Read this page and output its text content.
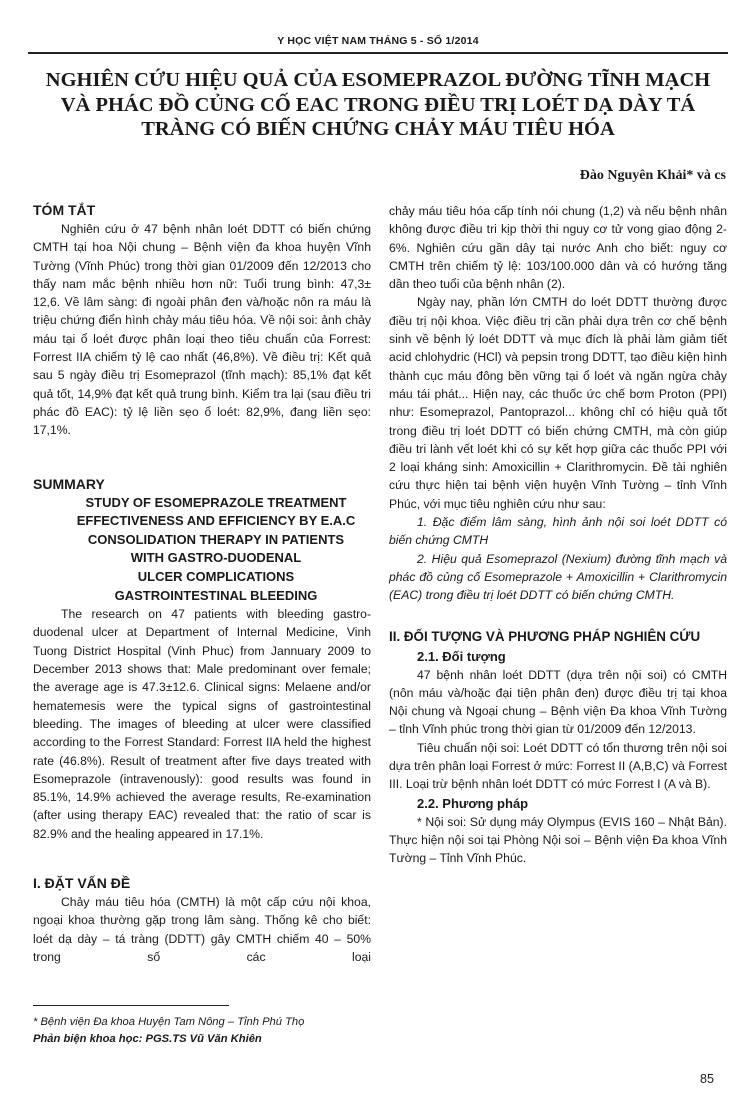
Y HỌC VIỆT NAM THÁNG 5 - SỐ 1/2014
NGHIÊN CỨU HIỆU QUẢ CỦA ESOMEPRAZOL ĐƯỜNG TĨNH MẠCH VÀ PHÁC ĐỒ CỦNG CỐ EAC TRONG ĐIỀU TRỊ LOÉT DẠ DÀY TÁ TRÀNG CÓ BIẾN CHỨNG CHẢY MÁU TIÊU HÓA
Đào Nguyên Khải* và cs
TÓM TẮT

Nghiên cứu ở 47 bệnh nhân loét DDTT có biến chứng CMTH tại hoa Nội chung – Bệnh viện đa khoa huyện Vĩnh Tường (Vĩnh Phúc) trong thời gian 01/2009 đến 12/2013 cho thấy nam mắc bệnh nhiều hơn nữ: Tuổi trung bình: 47,3± 12,6. Về lâm sàng: đi ngoài phân đen và/hoặc nôn ra máu là triệu chứng điển hình chảy máu tiêu hóa. Về nội soi: ảnh chảy máu tại ổ loét được phân loại theo tiêu chuẩn của Forrest: Forrest IIA chiếm tỷ lệ cao nhất (46,8%). Về điều trị: Kết quả sau 5 ngày điều trị Esomeprazol (tĩnh mạch): 85,1% đạt kết quả tốt, 14,9% đạt kết quả trung bình. Kiểm tra lại (sau điều tri phác đồ EAC): tỷ lệ liền sẹo ổ loét: 82,9%, đang liền sẹo: 17,1%.

SUMMARY

STUDY OF ESOMEPRAZOLE TREATMENT

EFFECTIVENESS AND EFFICIENCY BY E.A.C

CONSOLIDATION THERAPY IN PATIENTS

WITH GASTRO-DUODENAL

ULCER COMPLICATIONS

GASTROINTESTINAL BLEEDING

The research on 47 patients with bleeding gastro-duodenal ulcer at Department of Internal Medicine, Vinh Tuong District Hospital (Vinh Phuc) from Jannuary 2009 to December 2013 shows that: Male predominant over female; the average age is 47.3±12.6. Clinical signs: Melaene and/or hematemesis were the typical signs of gastrointestinal bleeding. The images of bleeding at ulcer were classified according to the Forrest Standard: Forrest IIA held the highest rate (46.8%). Result of treatment after five days treated with Esomeprazole (intravenously): good results was found in 85.1%, 14.9% achieved the average results, Re-examination (after using therapy EAC) revealed that: the ratio of scar is 82.9% and the healing appeared in 17.1%.

I. ĐẶT VẤN ĐỀ

Chảy máu tiêu hóa (CMTH) là một cấp cứu nội khoa, ngoại khoa thường gặp trong lâm sàng. Thống kê cho biết: loét dạ dày – tá tràng (DDTT) gây CMTH chiếm 40 – 50% trong số các loại

chảy máu tiêu hóa cấp tính nói chung (1,2) và nếu bệnh nhân không được điều tri kịp thời thi nguy cơ tử vong giao động 2-6%. Nghiên cứu gần dây tại nước Anh cho biết: nguy cơ CMTH trên chiếm tỷ lệ: 103/100.000 dân và có hướng tăng dần theo tuổi của bệnh nhân (2).

Ngày nay, phần lớn CMTH do loét DDTT thường được điều trị nội khoa. Việc điều trị cần phải dựa trên cơ chế bệnh sinh về bệnh lý loét DDTT và mục đích là phải làm giảm tiết acid chlohydric (HCl) và pepsin trong DDTT, tạo điều kiện hình thành cục máu đông bền vững tại ổ loét và ngăn ngừa chảy máu tái phát... Hiện nay, các thuốc ức chế bơm Proton (PPI) như: Esomeprazol, Pantoprazol... không chỉ có hiệu quả tốt trong điều trị loét DDTT có biến chứng CMTH, mà còn giúp điều tri lành vết loét khi có sự kết hợp giữa các thuốc PPI với 2 loại kháng sinh: Amoxicillin + Clarithromycin. Đề tài nghiên cứu thực hiện tai bệnh viện huyện Vĩnh Tường – tỉnh Vĩnh Phúc, với mục tiêu nghiên cứu như sau:

1. Đặc điểm lâm sàng, hình ảnh nội soi loét DDTT có biến chứng CMTH

2. Hiệu quả Esomeprazol (Nexium) đường tĩnh mạch và phác đồ củng cố Esomeprazole + Amoxicillin + Clarithromycin (EAC) trong điều trị loét DDTT có biến chứng CMTH.

II. ĐỐI TƯỢNG VÀ PHƯƠNG PHÁP NGHIÊN CỨU
2.1. Đối tượng

47 bệnh nhân loét DDTT (dựa trên nội soi) có CMTH (nôn máu và/hoặc đại tiện phân đen) được điều trị tại khoa Nội chung và Ngoại chung – Bệnh viện Đa khoa Vĩnh Tường – tỉnh Vĩnh phúc trong thời gian từ 01/2009 đến 12/2013.

Tiêu chuẩn nội soi: Loét DDTT có tổn thương trên nội soi dựa trên phân loại Forrest ở mức: Forrest II (A,B,C) và Forrest III. Loại trừ bệnh nhân loét DDTT có mức Forrest I (A và B).

2.2. Phương pháp

* Nội soi: Sử dụng máy Olympus (EVIS 160 – Nhật Bản). Thực hiện nội soi tại Phòng Nội soi – Bệnh viện Đa khoa Vĩnh Tường – Tỉnh Vĩnh Phúc.

* Bệnh viện Đa khoa Huyện Tam Nông – Tỉnh Phú Thọ
Phản biện khoa học: PGS.TS Vũ Văn Khiên
85
